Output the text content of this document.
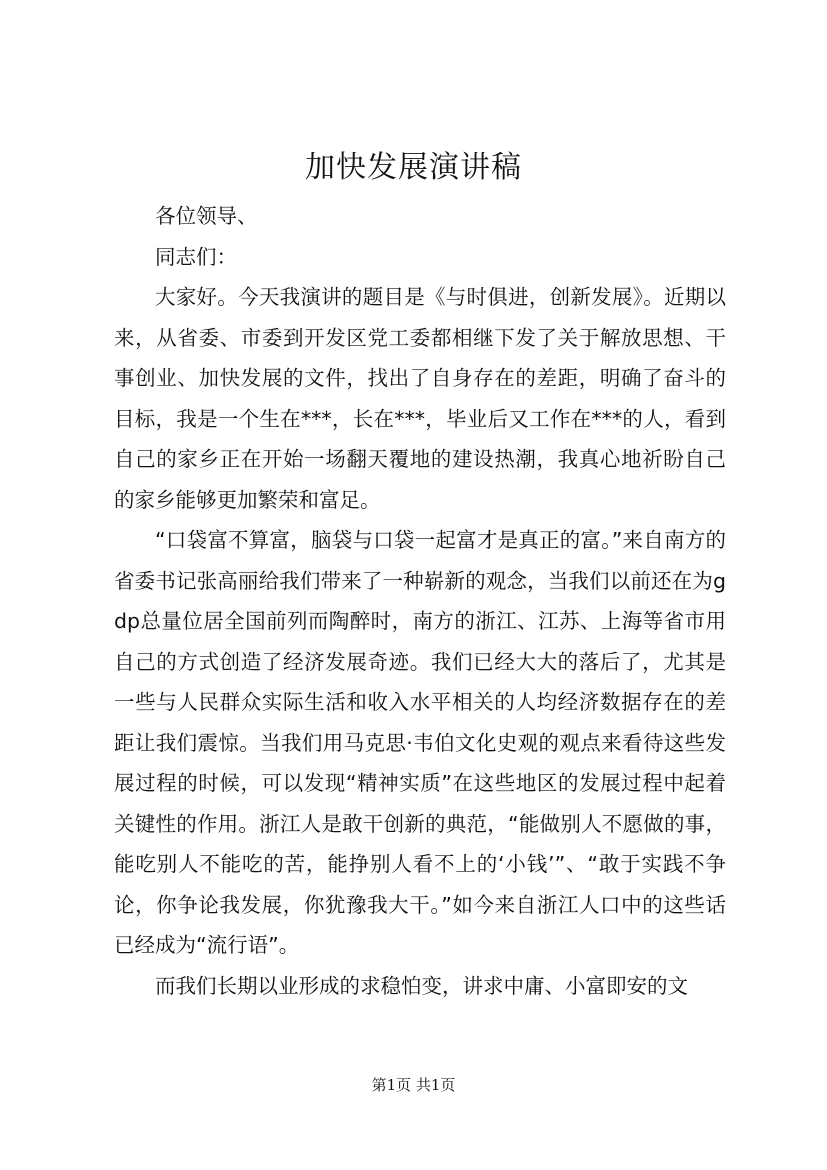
加快发展演讲稿

各位领导、

同志们：

大家好。今天我演讲的题目是《与时俱进，创新发展》。近期以来，从省委、市委到开发区党工委都相继下发了关于解放思想、干事创业、加快发展的文件，找出了自身存在的差距，明确了奋斗的目标，我是一个生在***，长在***，毕业后又工作在***的人，看到自己的家乡正在开始一场翻天覆地的建设热潮，我真心地祈盼自己的家乡能够更加繁荣和富足。

“口袋富不算富，脑袋与口袋一起富才是真正的富。”来自南方的省委书记张高丽给我们带来了一种崭新的观念，当我们以前还在为gdp总量位居全国前列而陶醉时，南方的浙江、江苏、上海等省市用自己的方式创造了经济发展奇迹。我们已经大大的落后了，尤其是一些与人民群众实际生活和收入水平相关的人均经济数据存在的差距让我们震惊。当我们用马克思·韦伯文化史观的观点来看待这些发展过程的时候，可以发现“精神实质”在这些地区的发展过程中起着关键性的作用。浙江人是敢干创新的典范，“能做别人不愿做的事，能吃别人不能吃的苦，能挣别人看不上的‘小钱’”、“敢于实践不争论，你争论我发展，你犹豫我大干。”如今来自浙江人口中的这些话已经成为“流行语”。

而我们长期以业形成的求稳怕变，讲求中庸、小富即安的文

第1页 共1页
